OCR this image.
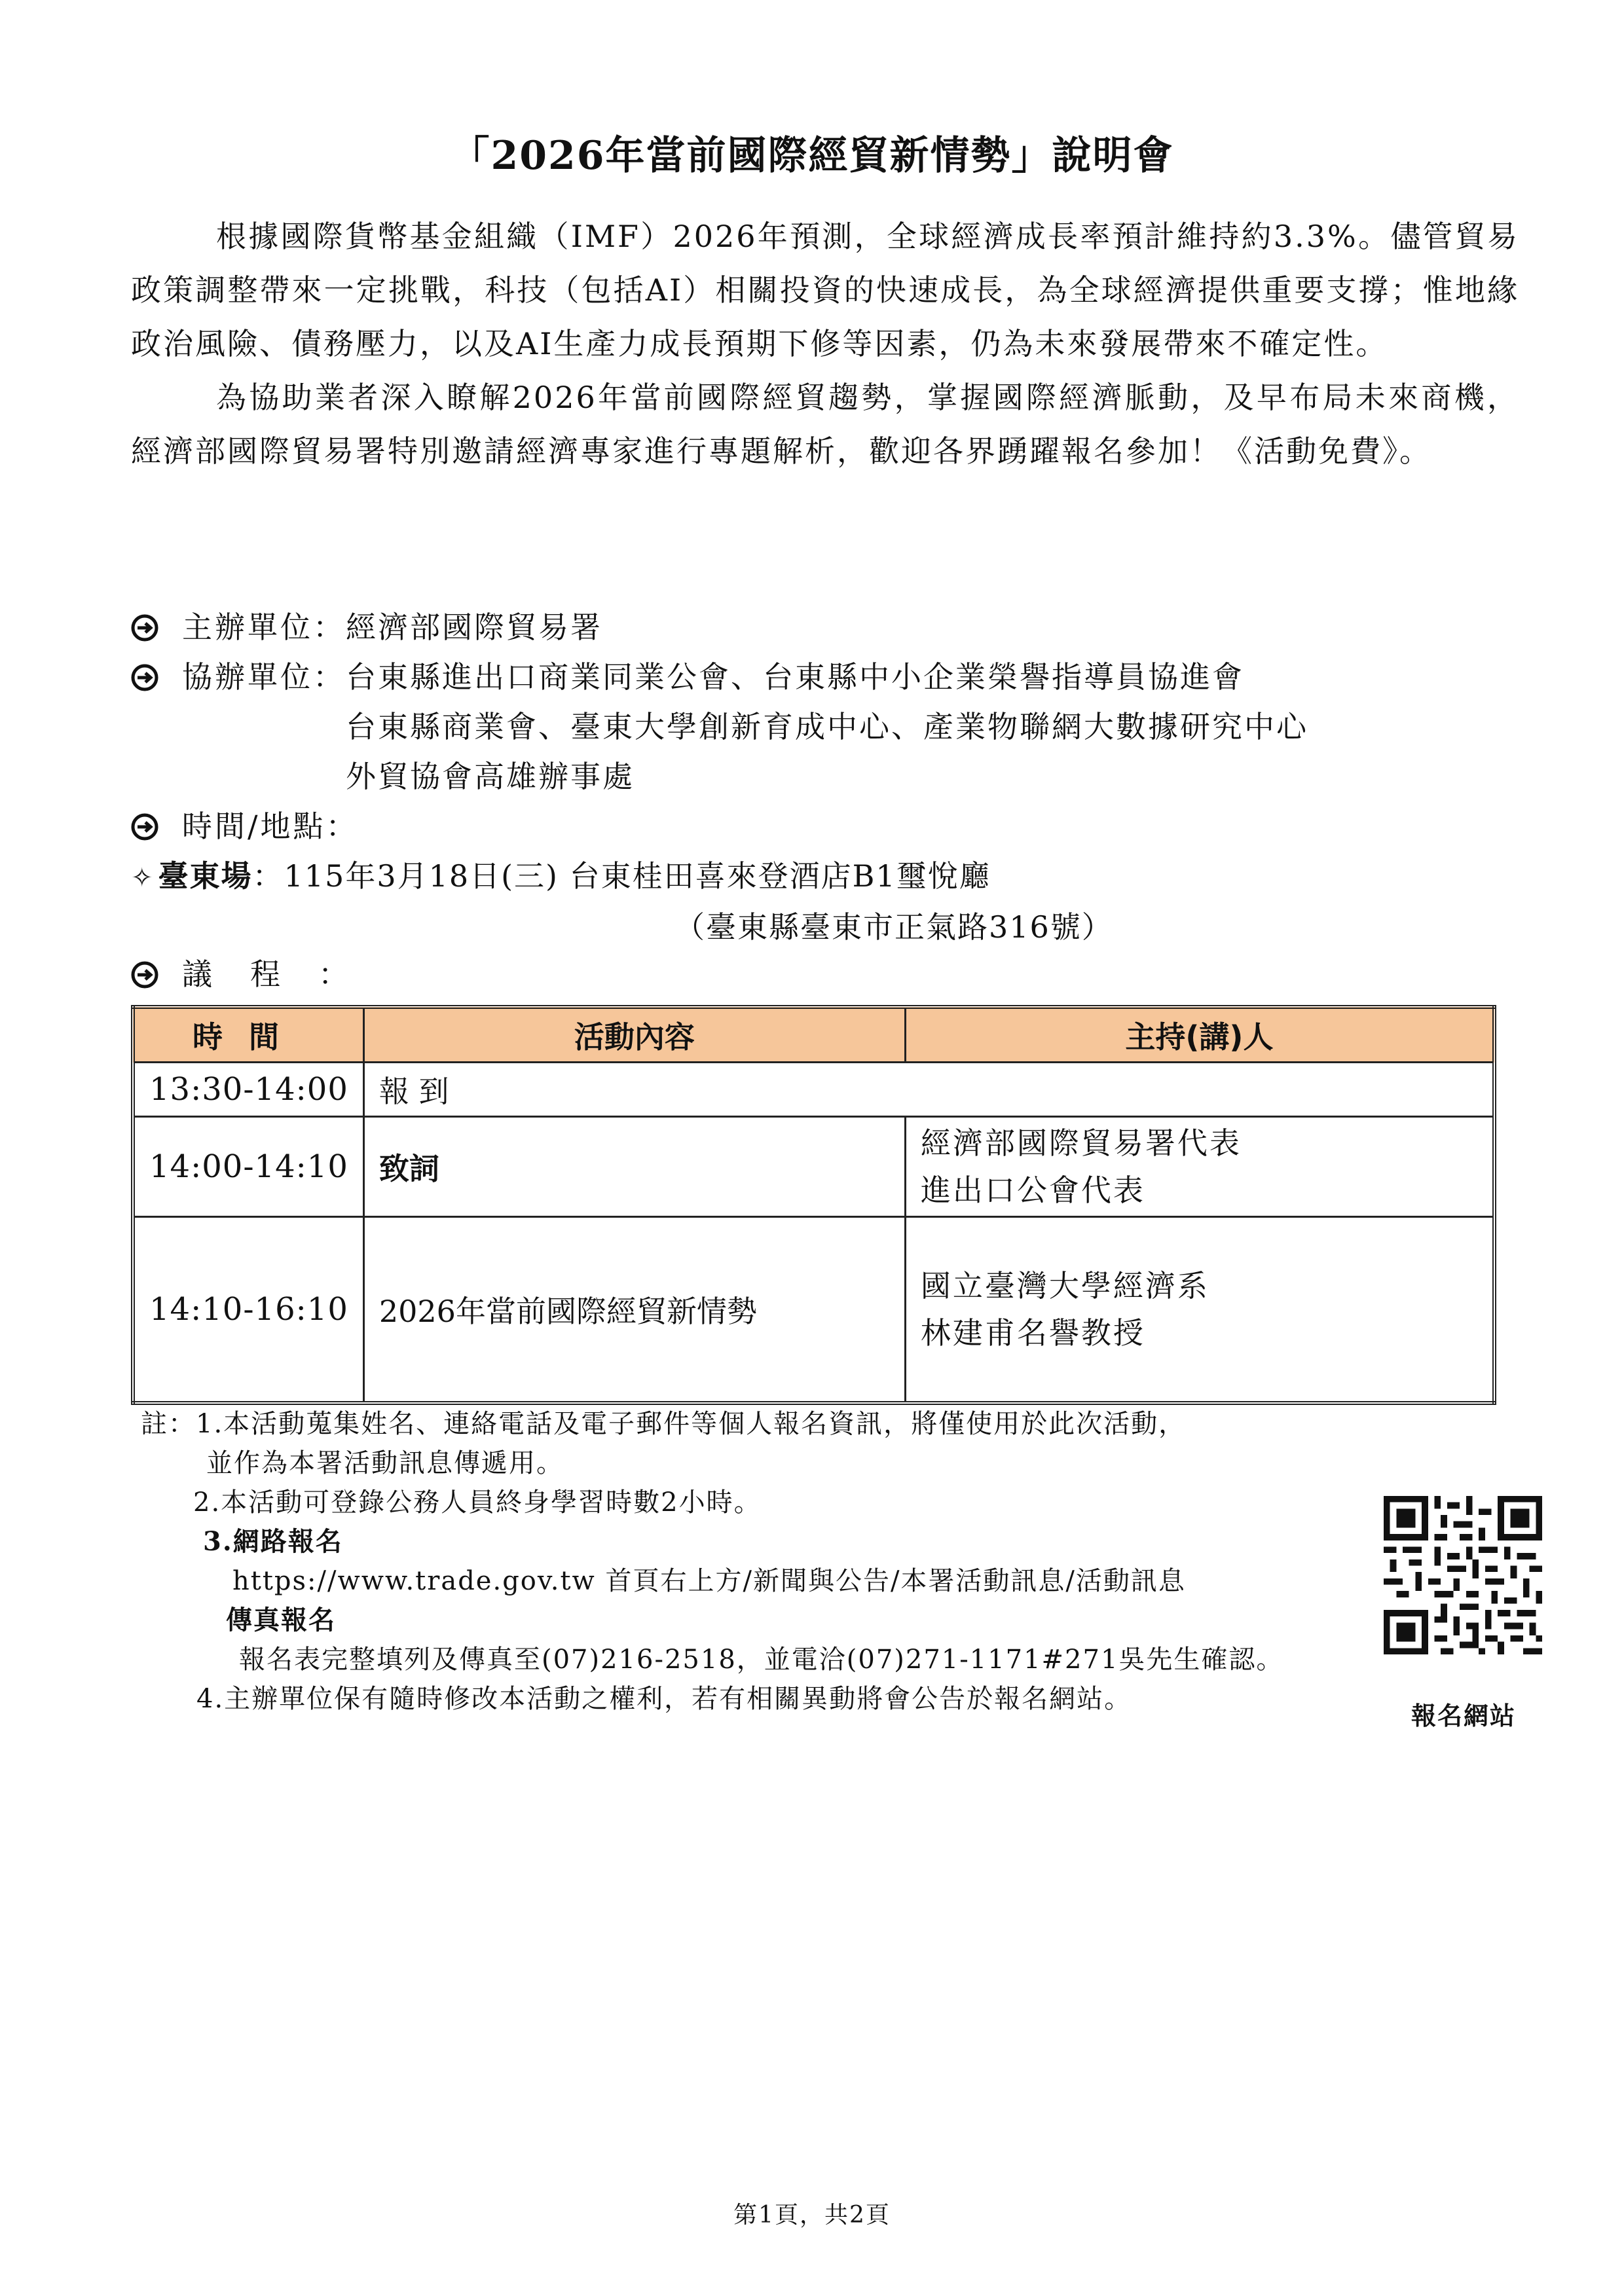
「2026年當前國際經貿新情勢」說明會

根據國際貨幣基金組織（IMF）2026年預測，全球經濟成長率預計維持約3.3%。儘管貿易政策調整帶來一定挑戰，科技（包括AI）相關投資的快速成長，為全球經濟提供重要支撐；惟地緣政治風險、債務壓力，以及AI生產力成長預期下修等因素，仍為未來發展帶來不確定性。

為協助業者深入瞭解2026年當前國際經貿趨勢，掌握國際經濟脈動，及早布局未來商機，經濟部國際貿易署特別邀請經濟專家進行專題解析，歡迎各界踴躍報名參加！《活動免費》。

主辦單位： 經濟部國際貿易署
協辦單位： 台東縣進出口商業同業公會、台東縣中小企業榮譽指導員協進會
台東縣商業會、臺東大學創新育成中心、產業物聯網大數據研究中心
外貿協會高雄辦事處
時間/地點：
✧ 臺東場：115年3月18日(三) 台東桂田喜來登酒店B1璽悅廳
（臺東縣臺東市正氣路316號）
議程：
時間	活動內容	主持(講)人
13:30-14:00	報 到	
14:00-14:10	致詞	經濟部國際貿易署代表
進出口公會代表

14:10-16:10	2026年當前國際經貿新情勢	國立臺灣大學經濟系
林建甫名譽教授
註：1.本活動蒐集姓名、連絡電話及電子郵件等個人報名資訊，將僅使用於此次活動，
並作為本署活動訊息傳遞用。
2.本活動可登錄公務人員終身學習時數2小時。
3.網路報名
https://www.trade.gov.tw 首頁右上方/新聞與公告/本署活動訊息/活動訊息
傳真報名
報名表完整填列及傳真至(07)216-2518，並電洽(07)271-1171#271吳先生確認。
4.主辦單位保有隨時修改本活動之權利，若有相關異動將會公告於報名網站。
報名網站
第1頁，共2頁
